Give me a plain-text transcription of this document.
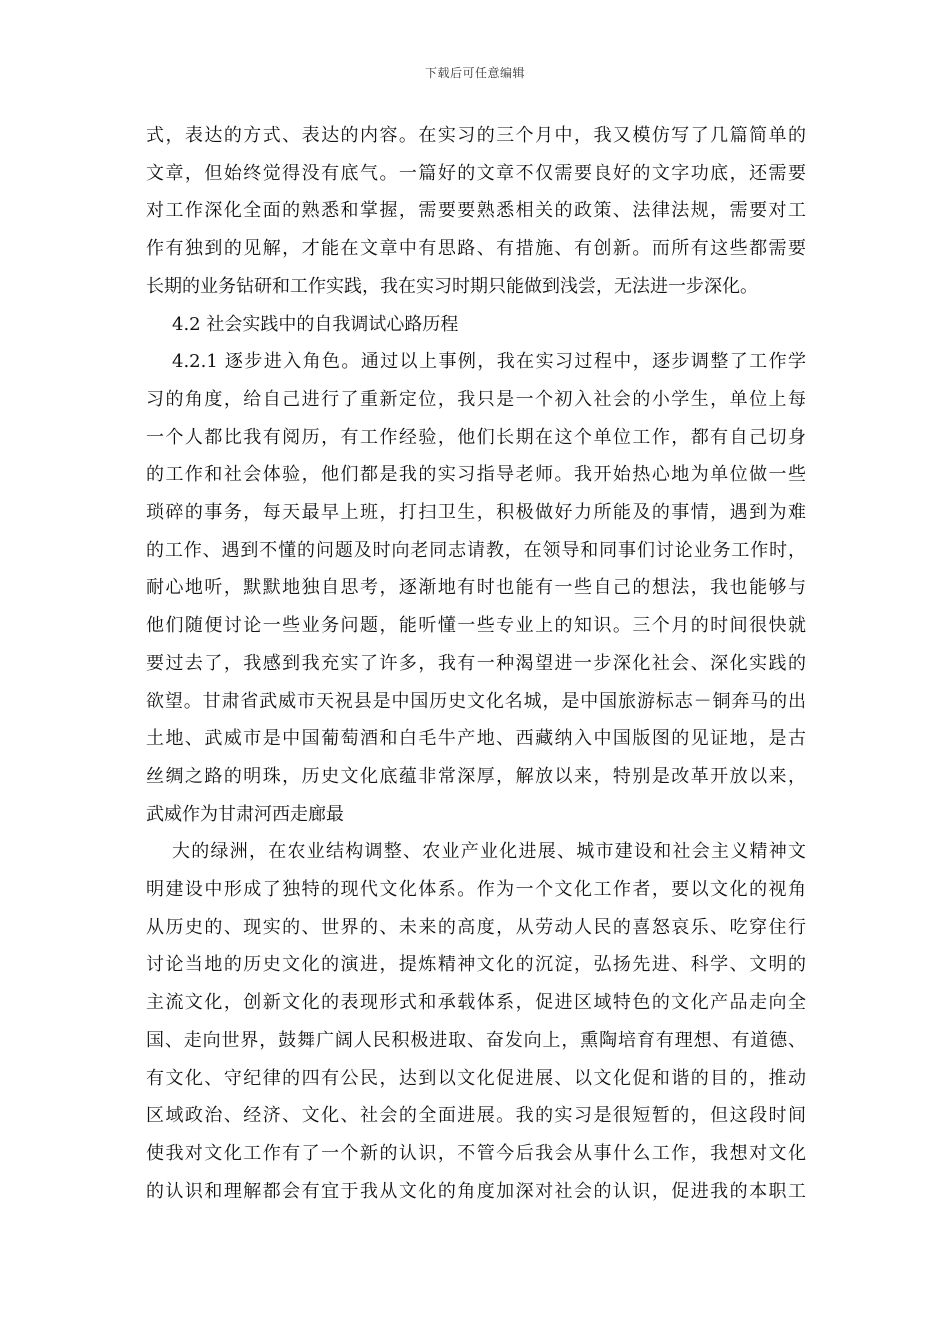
下载后可任意编辑
式，表达的方式、表达的内容。在实习的三个月中，我又模仿写了几篇简单的
文章，但始终觉得没有底气。一篇好的文章不仅需要良好的文字功底，还需要
对工作深化全面的熟悉和掌握，需要要熟悉相关的政策、法律法规，需要对工
作有独到的见解，才能在文章中有思路、有措施、有创新。而所有这些都需要
长期的业务钻研和工作实践，我在实习时期只能做到浅尝，无法进一步深化。
4.2 社会实践中的自我调试心路历程
4.2.1 逐步进入角色。通过以上事例，我在实习过程中，逐步调整了工作学
习的角度，给自己进行了重新定位，我只是一个初入社会的小学生，单位上每
一个人都比我有阅历，有工作经验，他们长期在这个单位工作，都有自己切身
的工作和社会体验，他们都是我的实习指导老师。我开始热心地为单位做一些
琐碎的事务，每天最早上班，打扫卫生，积极做好力所能及的事情，遇到为难
的工作、遇到不懂的问题及时向老同志请教，在领导和同事们讨论业务工作时，
耐心地听，默默地独自思考，逐渐地有时也能有一些自己的想法，我也能够与
他们随便讨论一些业务问题，能听懂一些专业上的知识。三个月的时间很快就
要过去了，我感到我充实了许多，我有一种渴望进一步深化社会、深化实践的
欲望。甘肃省武威市天祝县是中国历史文化名城，是中国旅游标志－铜奔马的出
土地、武威市是中国葡萄酒和白毛牛产地、西藏纳入中国版图的见证地，是古
丝绸之路的明珠，历史文化底蕴非常深厚，解放以来，特别是改革开放以来，
武威作为甘肃河西走廊最
大的绿洲，在农业结构调整、农业产业化进展、城市建设和社会主义精神文
明建设中形成了独特的现代文化体系。作为一个文化工作者，要以文化的视角
从历史的、现实的、世界的、未来的高度，从劳动人民的喜怒哀乐、吃穿住行
讨论当地的历史文化的演进，提炼精神文化的沉淀，弘扬先进、科学、文明的
主流文化，创新文化的表现形式和承载体系，促进区域特色的文化产品走向全
国、走向世界，鼓舞广阔人民积极进取、奋发向上，熏陶培育有理想、有道德、
有文化、守纪律的四有公民，达到以文化促进展、以文化促和谐的目的，推动
区域政治、经济、文化、社会的全面进展。我的实习是很短暂的，但这段时间
使我对文化工作有了一个新的认识，不管今后我会从事什么工作，我想对文化
的认识和理解都会有宜于我从文化的角度加深对社会的认识，促进我的本职工
